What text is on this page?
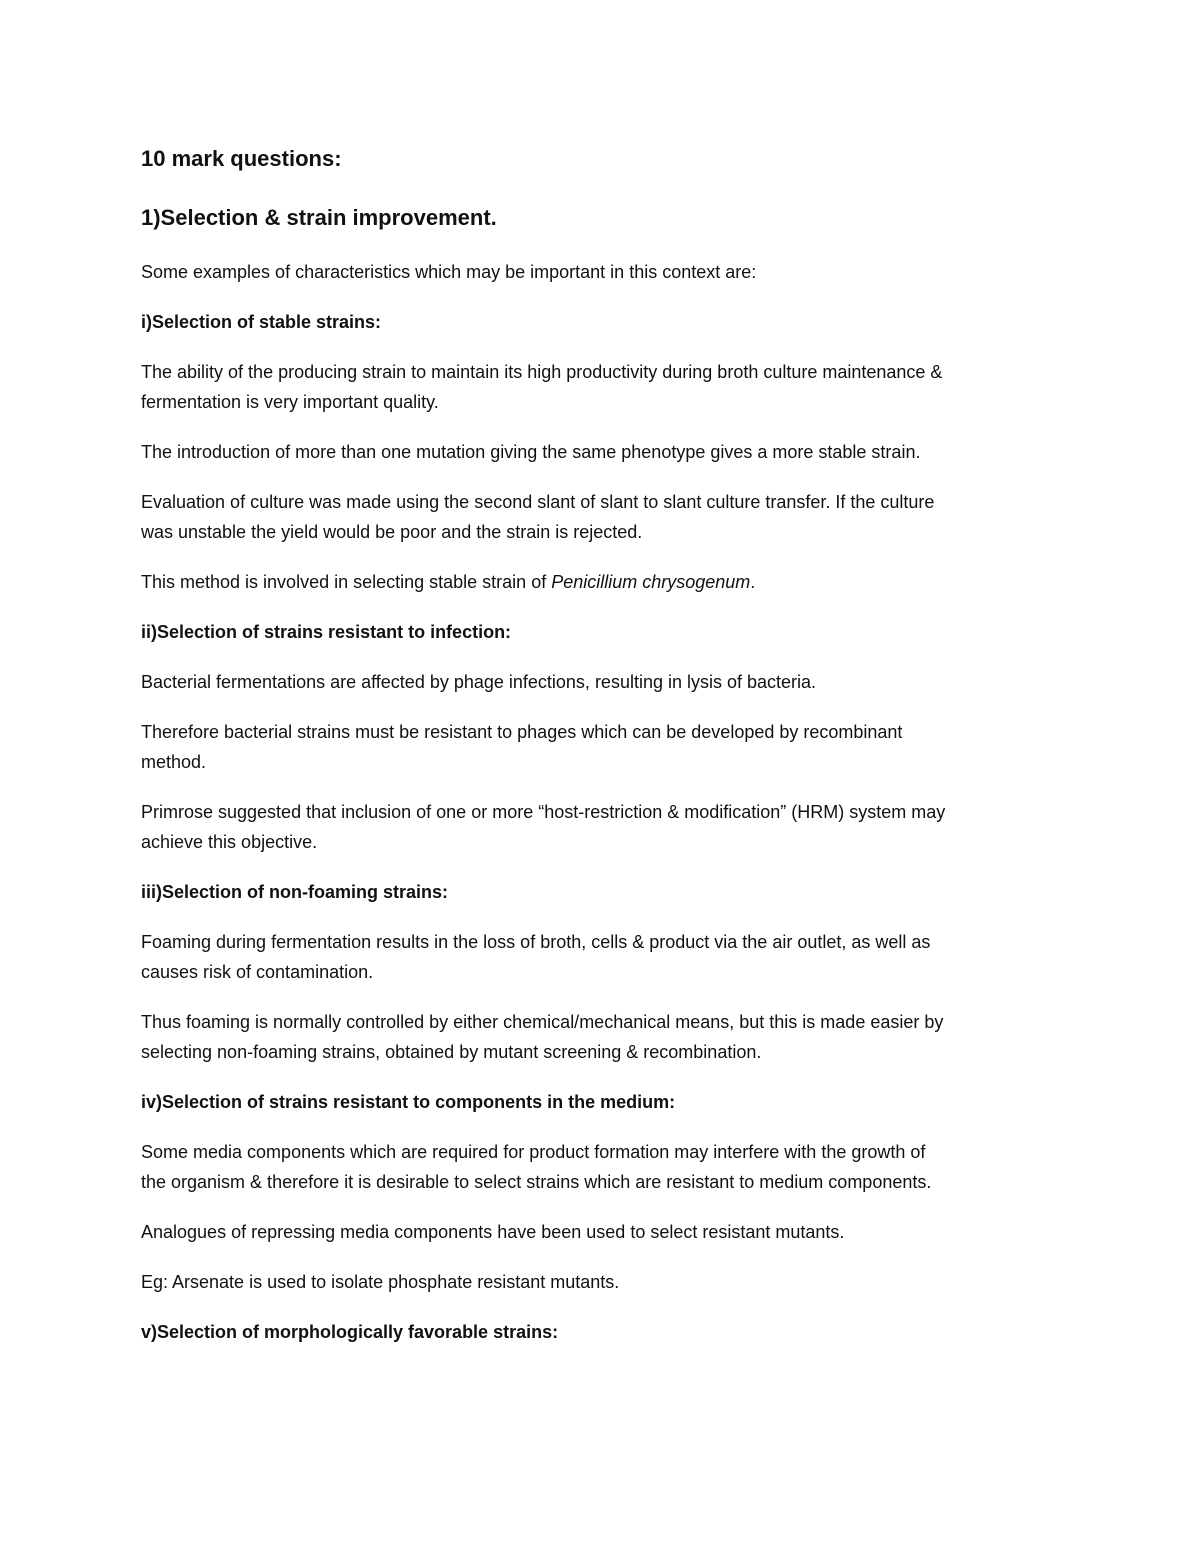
10 mark questions:

1)Selection & strain improvement.

Some examples of characteristics which may be important in this context are:

i)Selection of stable strains:

The ability of the producing strain to maintain its high productivity during broth culture maintenance &

fermentation is very important quality.

The introduction of more than one mutation giving the same phenotype gives a more stable strain.

Evaluation of culture was made using the second slant of slant to slant culture transfer. If the culture

was unstable the yield would be poor and the strain is rejected.

This method is involved in selecting stable strain of Penicillium chrysogenum.

ii)Selection of strains resistant to infection:

Bacterial fermentations are affected by phage infections, resulting in lysis of bacteria.

Therefore bacterial strains must be resistant to phages which can be developed by recombinant

method.

Primrose suggested that inclusion of one or more “host-restriction & modification” (HRM) system may

achieve this objective.

iii)Selection of non-foaming strains:

Foaming during fermentation results in the loss of broth, cells & product via the air outlet, as well as

causes risk of contamination.

Thus foaming is normally controlled by either chemical/mechanical means, but this is made easier by

selecting non-foaming strains, obtained by mutant screening & recombination.

iv)Selection of strains resistant to components in the medium:

Some media components which are required for product formation may interfere with the growth of

the organism & therefore it is desirable to select strains which are resistant to medium components.

Analogues of repressing media components have been used to select resistant mutants.

Eg: Arsenate is used to isolate phosphate resistant mutants.

v)Selection of morphologically favorable strains:
